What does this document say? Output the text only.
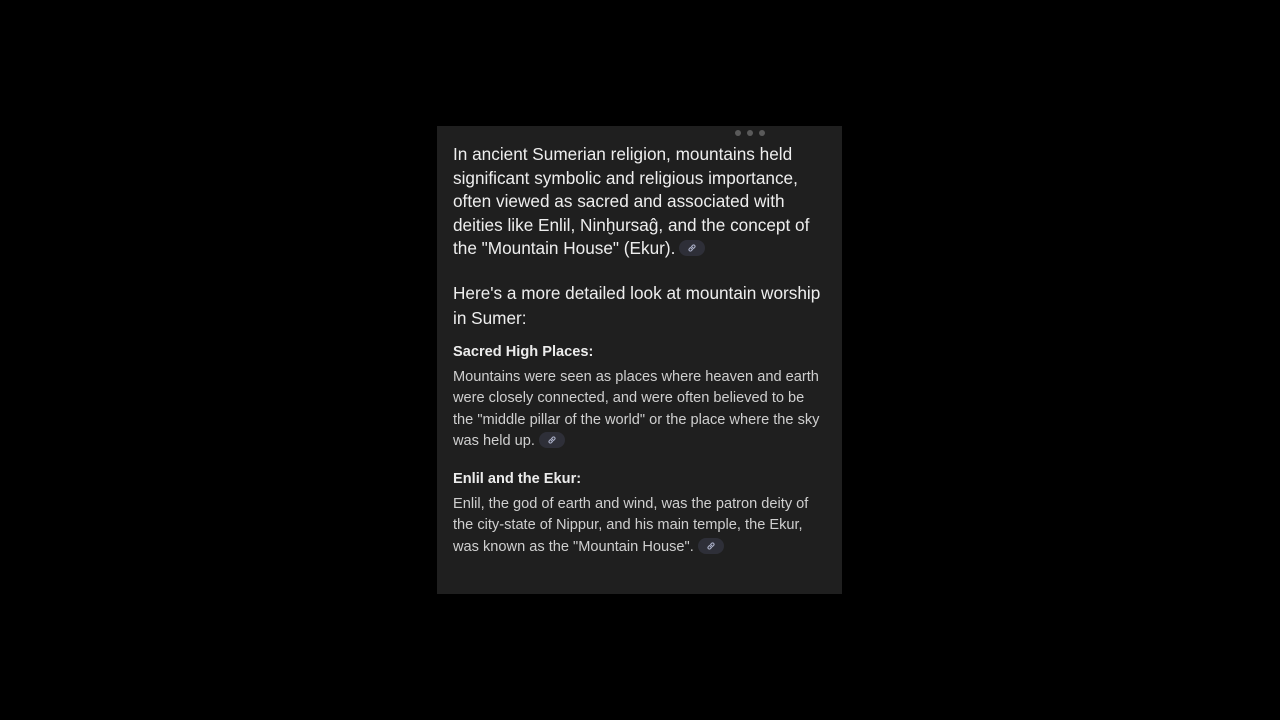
In ancient Sumerian religion, mountains held significant symbolic and religious importance, often viewed as sacred and associated with deities like Enlil, Ninḫursaĝ, and the concept of the "Mountain House" (Ekur).

Here's a more detailed look at mountain worship in Sumer:

Sacred High Places:

Mountains were seen as places where heaven and earth were closely connected, and were often believed to be the "middle pillar of the world" or the place where the sky was held up.

Enlil and the Ekur:

Enlil, the god of earth and wind, was the patron deity of the city-state of Nippur, and his main temple, the Ekur, was known as the "Mountain House".
